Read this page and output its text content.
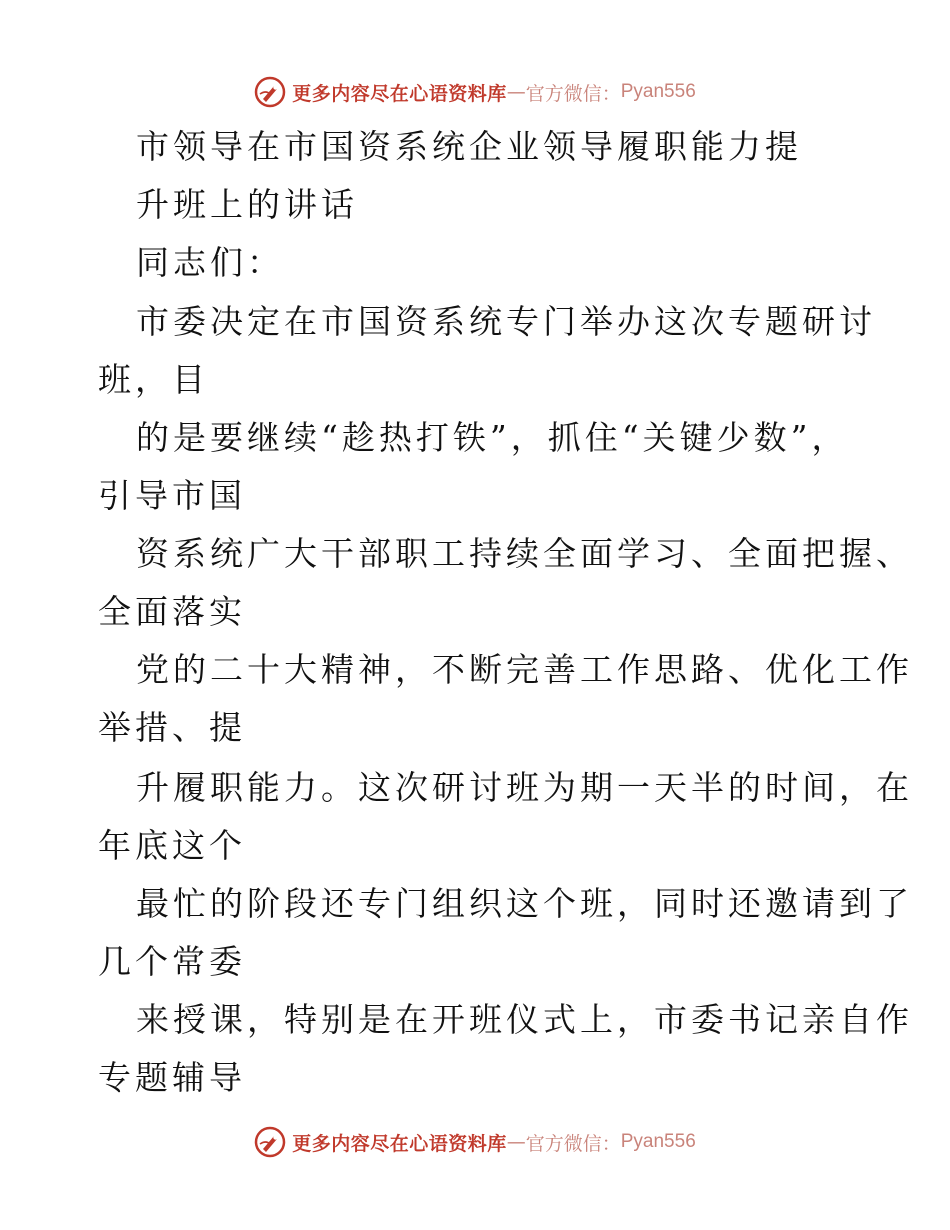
更多内容尽在心语资料库 — 官方微信： Pyan556
市领导在市国资系统企业领导履职能力提
升班上的讲话
同志们：
市委决定在市国资系统专门举办这次专题研讨
班，目
的是要继续“趁热打铁”，抓住“关键少数”，
引导市国
资系统广大干部职工持续全面学习、全面把握、
全面落实
党的二十大精神，不断完善工作思路、优化工作
举措、提
升履职能力。这次研讨班为期一天半的时间，在
年底这个
最忙的阶段还专门组织这个班，同时还邀请到了
几个常委
来授课，特别是在开班仪式上，市委书记亲自作
专题辅导
更多内容尽在心语资料库 — 官方微信： Pyan556
